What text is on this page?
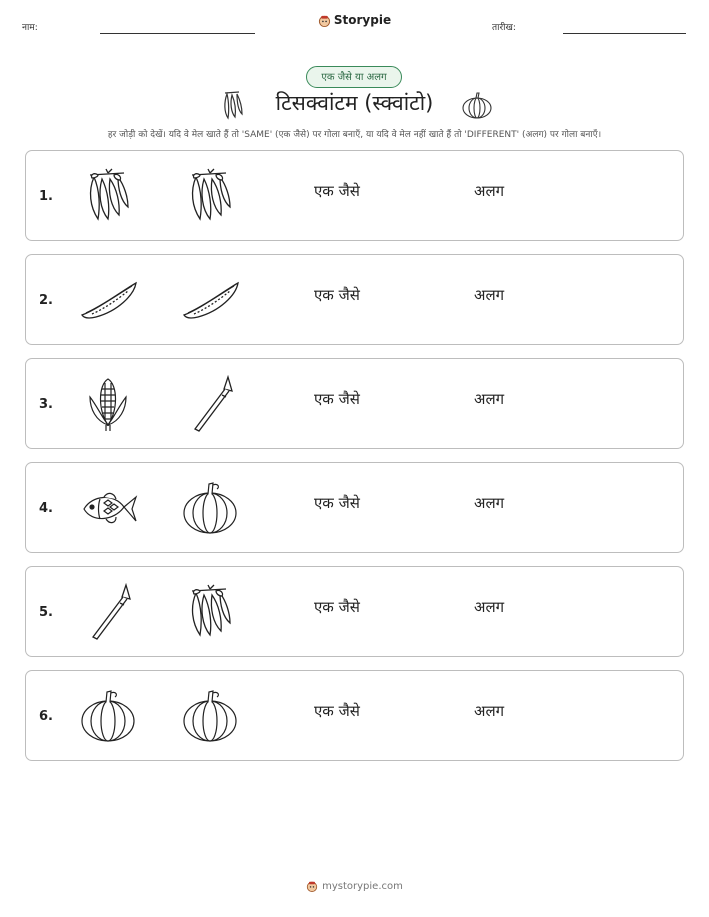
नाम:
Storypie
तारीख:
एक जैसे या अलग
टिसक्वांटम (स्क्वांटो)
हर जोड़ी को देखें। यदि वे मेल खाते हैं तो 'SAME' (एक जैसे) पर गोला बनाएँ, या यदि वे मेल नहीं खाते हैं तो 'DIFFERENT' (अलग) पर गोला बनाएँ।
1.	एक जैसे	अलग
2.	एक जैसे	अलग
3.	एक जैसे	अलग
4.	एक जैसे	अलग
5.	एक जैसे	अलग
6.	एक जैसे	अलग
mystorypie.com
